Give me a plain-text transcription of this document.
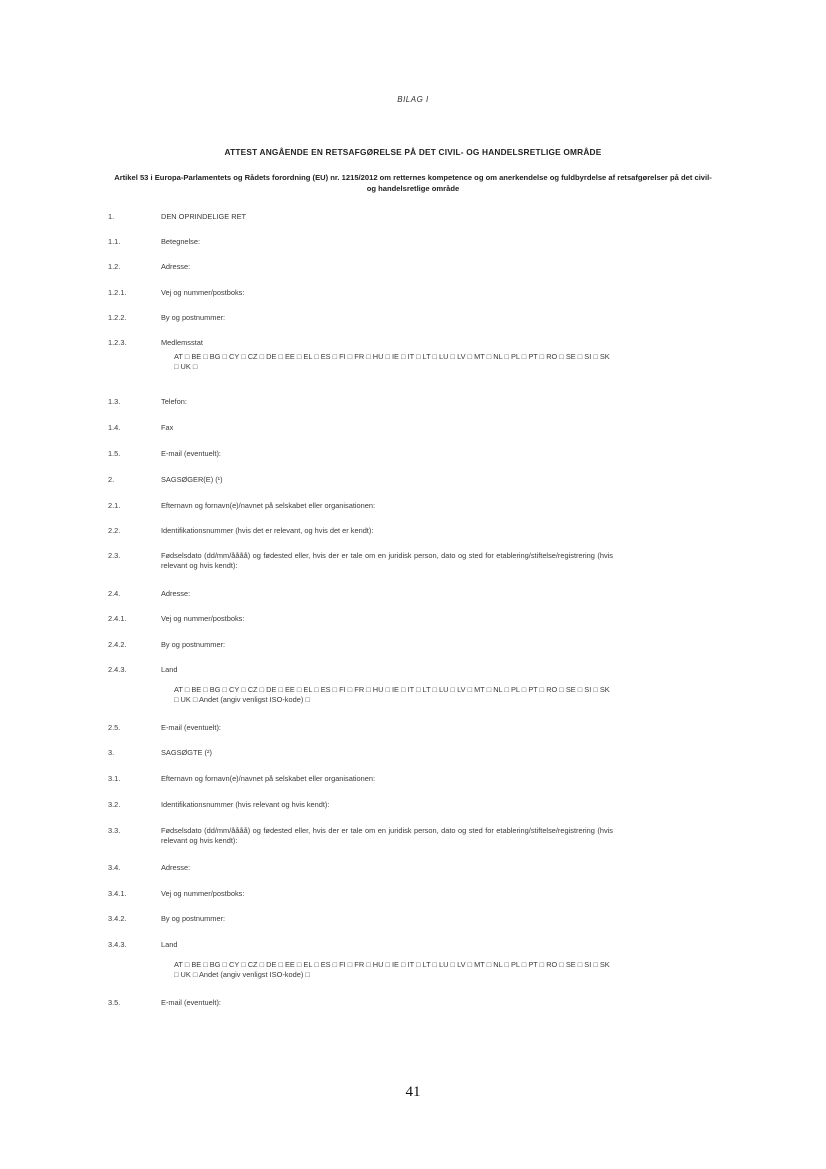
BILAG I
ATTEST ANGÅENDE EN RETSAFGØRELSE PÅ DET CIVIL- OG HANDELSRETLIGE OMRÅDE
Artikel 53 i Europa-Parlamentets og Rådets forordning (EU) nr. 1215/2012 om retternes kompetence og om anerkendelse og fuldbyrdelse af retsafgørelser på det civil- og handelsretlige område
1.	DEN OPRINDELIGE RET
1.1.	Betegnelse:
1.2.	Adresse:
1.2.1.	Vej og nummer/postboks:
1.2.2.	By og postnummer:
1.2.3.	Medlemsstat
AT □ BE □ BG □ CY □ CZ □ DE □ EE □ EL □ ES □ FI □ FR □ HU □ IE □ IT □ LT □ LU □ LV □ MT □ NL □ PL □ PT □ RO □ SE □ SI □ SK □ UK □
1.3.	Telefon:
1.4.	Fax
1.5.	E-mail (eventuelt):
2.	SAGSØGER(E) (¹)
2.1.	Efternavn og fornavn(e)/navnet på selskabet eller organisationen:
2.2.	Identifikationsnummer (hvis det er relevant, og hvis det er kendt):
2.3.	Fødselsdato (dd/mm/åååå) og fødested eller, hvis der er tale om en juridisk person, dato og sted for etablering/stiftelse/registrering (hvis relevant og hvis kendt):
2.4.	Adresse:
2.4.1.	Vej og nummer/postboks:
2.4.2.	By og postnummer:
2.4.3.	Land
AT □ BE □ BG □ CY □ CZ □ DE □ EE □ EL □ ES □ FI □ FR □ HU □ IE □ IT □ LT □ LU □ LV □ MT □ NL □ PL □ PT □ RO □ SE □ SI □ SK □ UK □ Andet (angiv venligst ISO-kode) □
2.5.	E-mail (eventuelt):
3.	SAGSØGTE (²)
3.1.	Efternavn og fornavn(e)/navnet på selskabet eller organisationen:
3.2.	Identifikationsnummer (hvis relevant og hvis kendt):
3.3.	Fødselsdato (dd/mm/åååå) og fødested eller, hvis der er tale om en juridisk person, dato og sted for etablering/stiftelse/registrering (hvis relevant og hvis kendt):
3.4.	Adresse:
3.4.1.	Vej og nummer/postboks:
3.4.2.	By og postnummer:
3.4.3.	Land
AT □ BE □ BG □ CY □ CZ □ DE □ EE □ EL □ ES □ FI □ FR □ HU □ IE □ IT □ LT □ LU □ LV □ MT □ NL □ PL □ PT □ RO □ SE □ SI □ SK □ UK □ Andet (angiv venligst ISO-kode) □
3.5.	E-mail (eventuelt):
41
